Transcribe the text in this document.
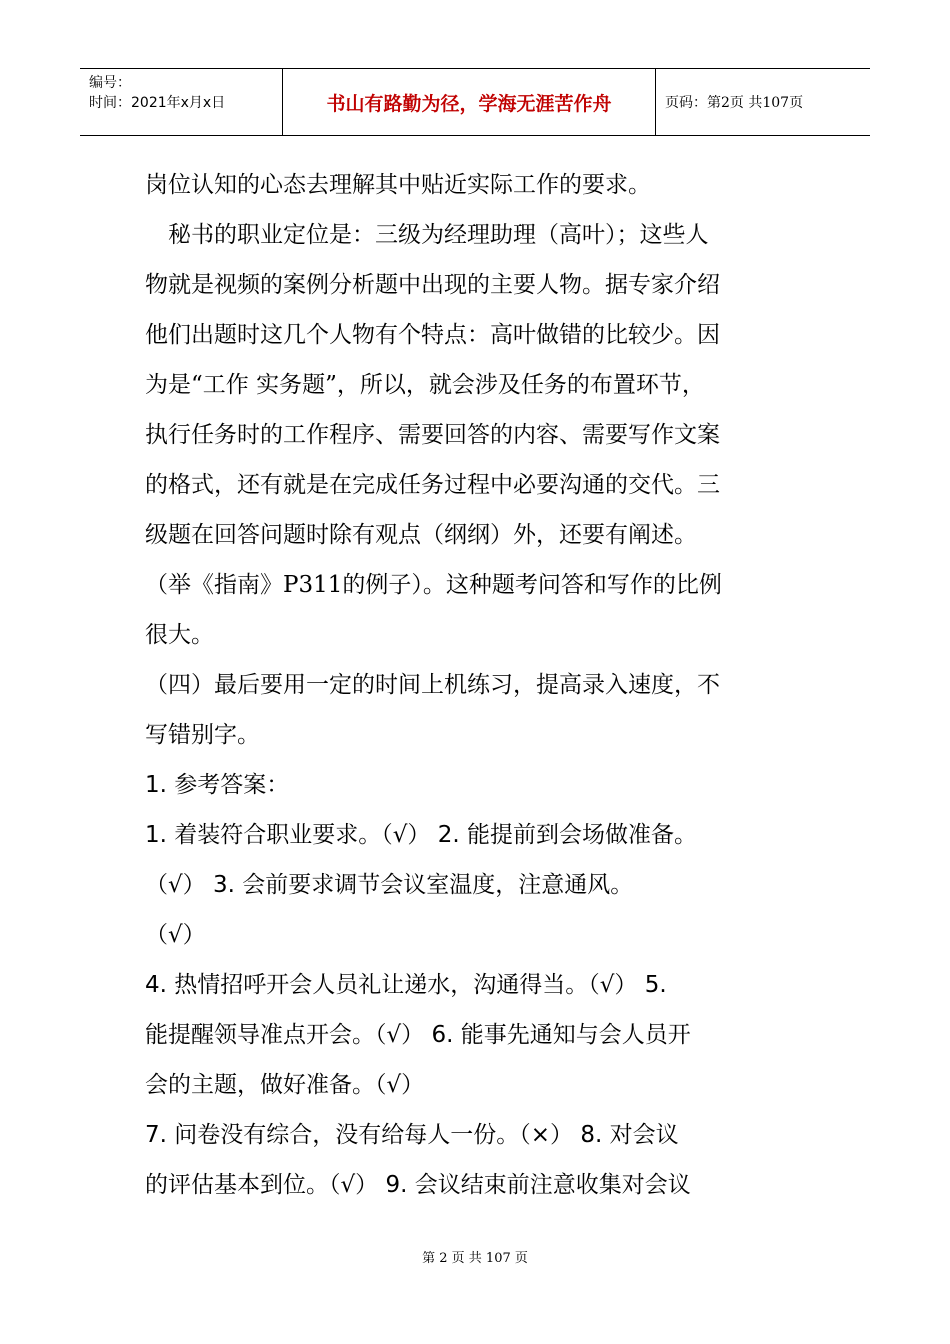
编号：
时间：2021年x月x日	书山有路勤为径，学海无涯苦作舟	页码：第2页 共107页
岗位认知的心态去理解其中贴近实际工作的要求。
　秘书的职业定位是：三级为经理助理（高叶）；这些人
物就是视频的案例分析题中出现的主要人物。据专家介绍
他们出题时这几个人物有个特点：高叶做错的比较少。因
为是“工作 实务题”，所以，就会涉及任务的布置环节，
执行任务时的工作程序、需要回答的内容、需要写作文案
的格式，还有就是在完成任务过程中必要沟通的交代。三
级题在回答问题时除有观点（纲纲）外，还要有阐述。
（举《指南》P311的例子）。这种题考问答和写作的比例
很大。
（四）最后要用一定的时间上机练习，提高录入速度，不
写错别字。
1. 参考答案：
1. 着装符合职业要求。（√） 2. 能提前到会场做准备。
（√） 3. 会前要求调节会议室温度，注意通风。
（√）
4. 热情招呼开会人员礼让递水，沟通得当。（√） 5.
能提醒领导准点开会。（√） 6. 能事先通知与会人员开
会的主题，做好准备。（√）
7. 问卷没有综合，没有给每人一份。（×） 8. 对会议
的评估基本到位。（√） 9. 会议结束前注意收集对会议
第 2 页 共 107 页
